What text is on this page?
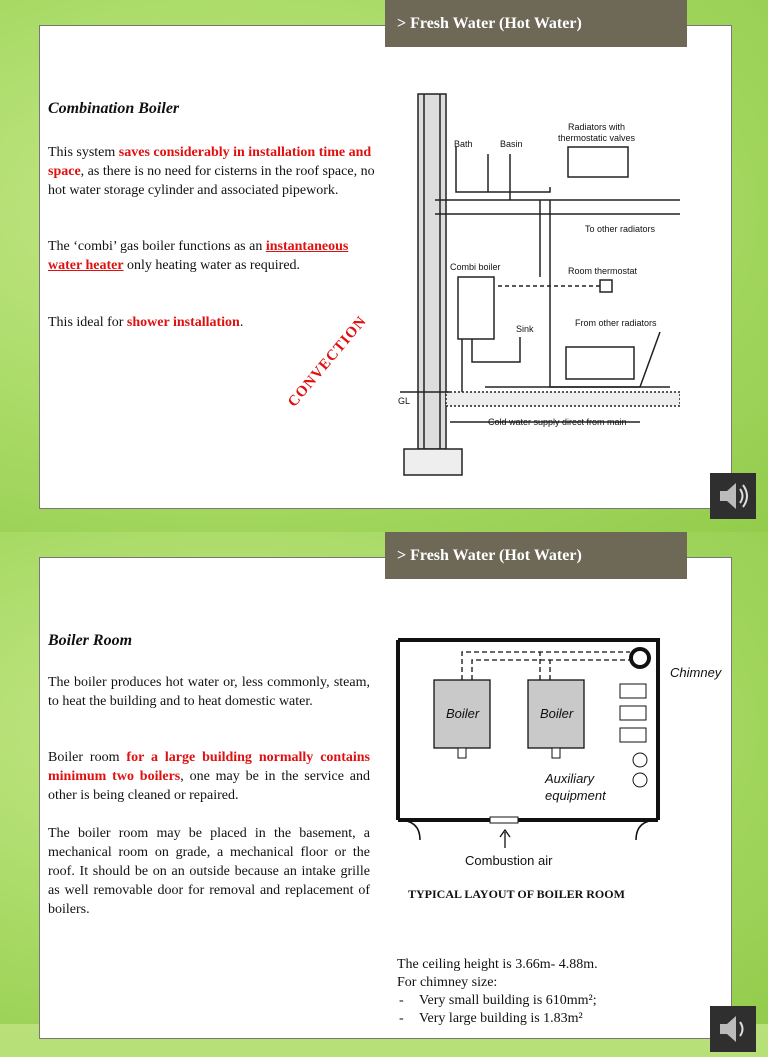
> Fresh Water (Hot Water)
Combination Boiler
This system saves considerably in installation time and space, as there is no need for cisterns in the roof space, no hot water storage cylinder and associated pipework.
The ‘combi’ gas boiler functions as an instantaneous water heater only heating water as required.
This ideal for shower installation.	CONVECTION
Bath	Basin
Radiators with
thermostatic valves
To other radiators
Combi boiler	Room thermostat
Sink
From other radiators
GL
Cold water supply direct from main
> Fresh Water (Hot Water)
Boiler Room
The boiler produces hot water or, less commonly, steam, to heat the building and to heat domestic water.
Boiler room for a large building normally contains minimum two boilers, one may be in the service and other is being cleaned or repaired.
The boiler room may be placed in the basement, a mechanical room on grade, a mechanical floor or the roof. It should be on an outside because an intake grille as well removable door for removal and replacement of boilers.
Chimney
Boiler	Boiler
Auxiliary
equipment
Combustion air
TYPICAL LAYOUT OF BOILER ROOM
The ceiling height is 3.66m- 4.88m.
For chimney size:
- Very small building is 610mm²;
- Very large building is 1.83m²
